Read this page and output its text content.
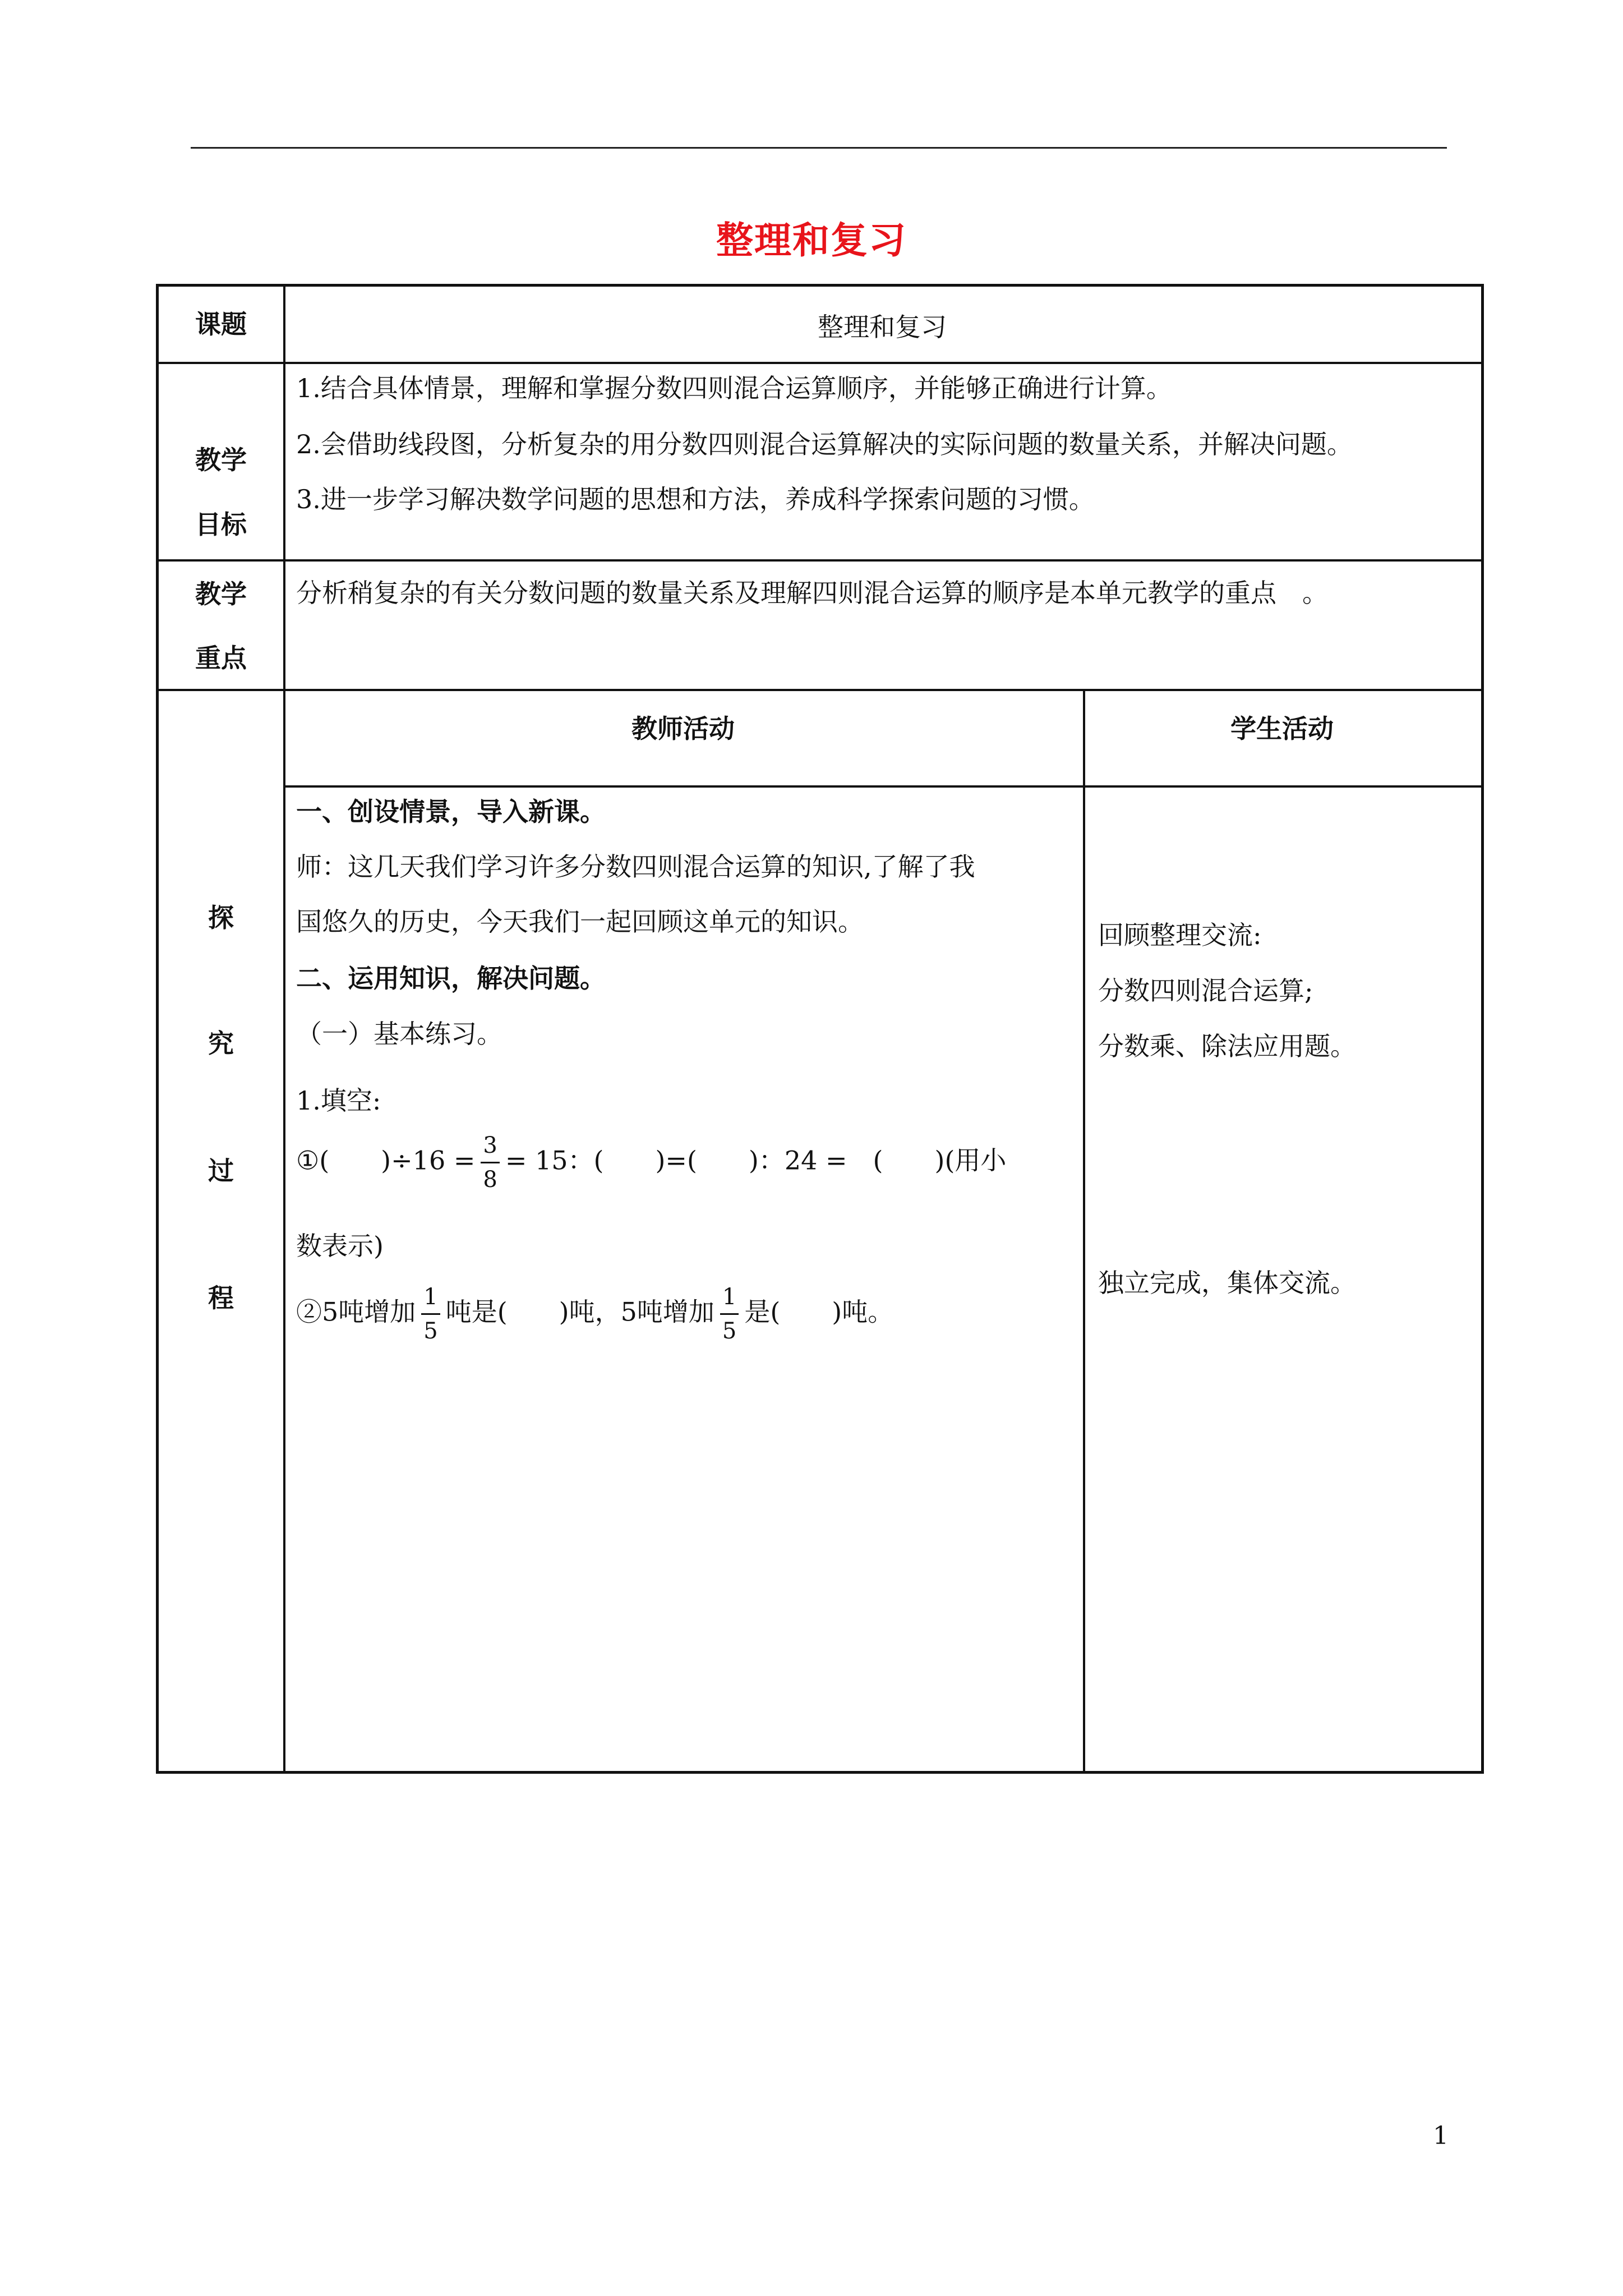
整理和复习
课题	整理和复习
教学
目标
1.结合具体情景，理解和掌握分数四则混合运算顺序，并能够正确进行计算。
2.会借助线段图，分析复杂的用分数四则混合运算解决的实际问题的数量关系，并解决问题。
3.进一步学习解决数学问题的思想和方法，养成科学探索问题的习惯。
教学
重点
分析稍复杂的有关分数问题的数量关系及理解四则混合运算的顺序是本单元教学的重点　。
探
究
过
程
教师活动	学生活动
一、创设情景，导入新课。
师：这几天我们学习许多分数四则混合运算的知识,了解了我
国悠久的历史，今天我们一起回顾这单元的知识。
二、运用知识，解决问题。
（一）基本练习。
1.填空:
①(　　)$\div 16 = \frac{3}{8} = 15$：(　　)=(　　)：24 =　(　　)(用小
数表示)
②5吨增加 $\frac{1}{5}$ 吨是(　　)吨，5吨增加 $\frac{1}{5}$ 是(　　)吨。
回顾整理交流:
分数四则混合运算;
分数乘、除法应用题。
独立完成，集体交流。
1
